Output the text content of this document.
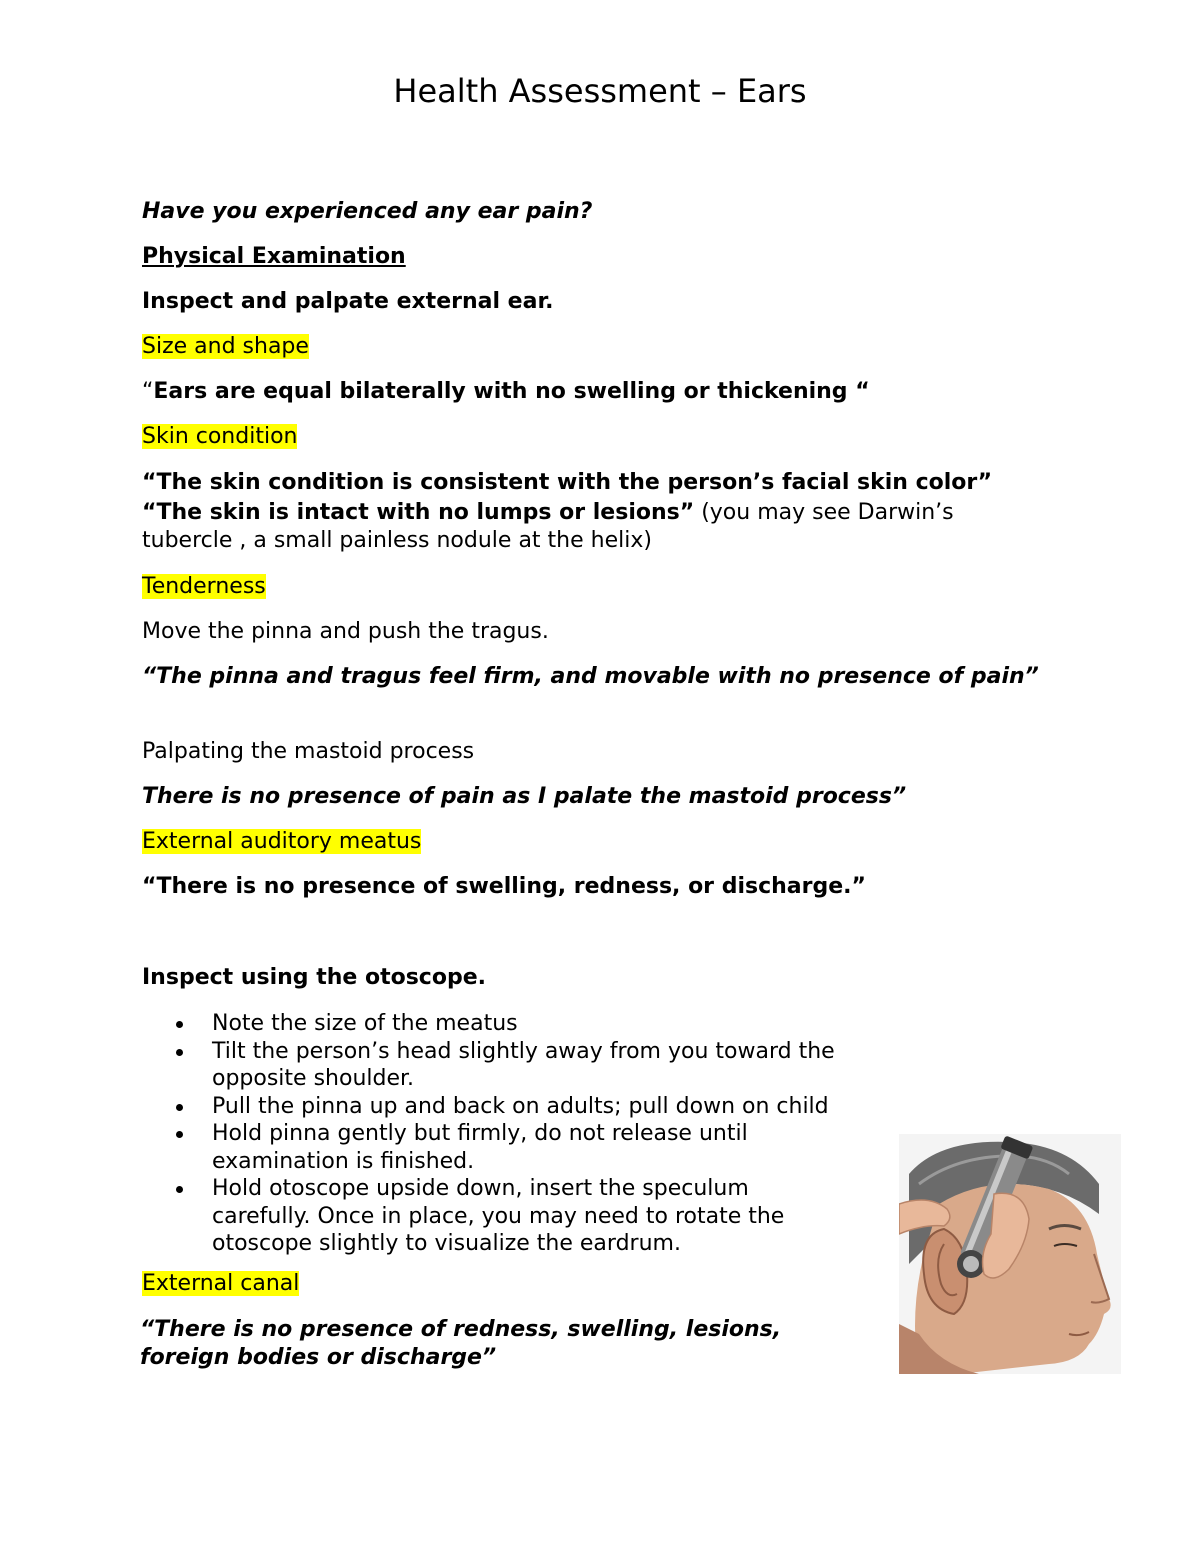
Health Assessment – Ears
Have you experienced any ear pain?
Physical Examination
Inspect and palpate external ear.
Size and shape
“Ears are equal bilaterally with no swelling or thickening “
Skin condition
“The skin condition is consistent with the person’s facial skin color”
“The skin is intact with no lumps or lesions” (you may see Darwin’s tubercle , a small painless nodule at the helix)
Tenderness
Move the pinna and push the tragus.
“The pinna and tragus feel firm, and movable with no presence of pain”
Palpating the mastoid process
There is no presence of pain as I palate the mastoid process”
External auditory meatus
“There is no presence of swelling, redness, or discharge.”
Inspect using the otoscope.
Note the size of the meatus
Tilt the person’s head slightly away from you toward the opposite shoulder.
Pull the pinna up and back on adults; pull down on child
Hold pinna gently but firmly, do not release until examination is finished.
Hold otoscope upside down, insert the speculum carefully. Once in place, you may need to rotate the otoscope slightly to visualize the eardrum.
External canal
“There is no presence of redness, swelling, lesions, foreign bodies or discharge”
